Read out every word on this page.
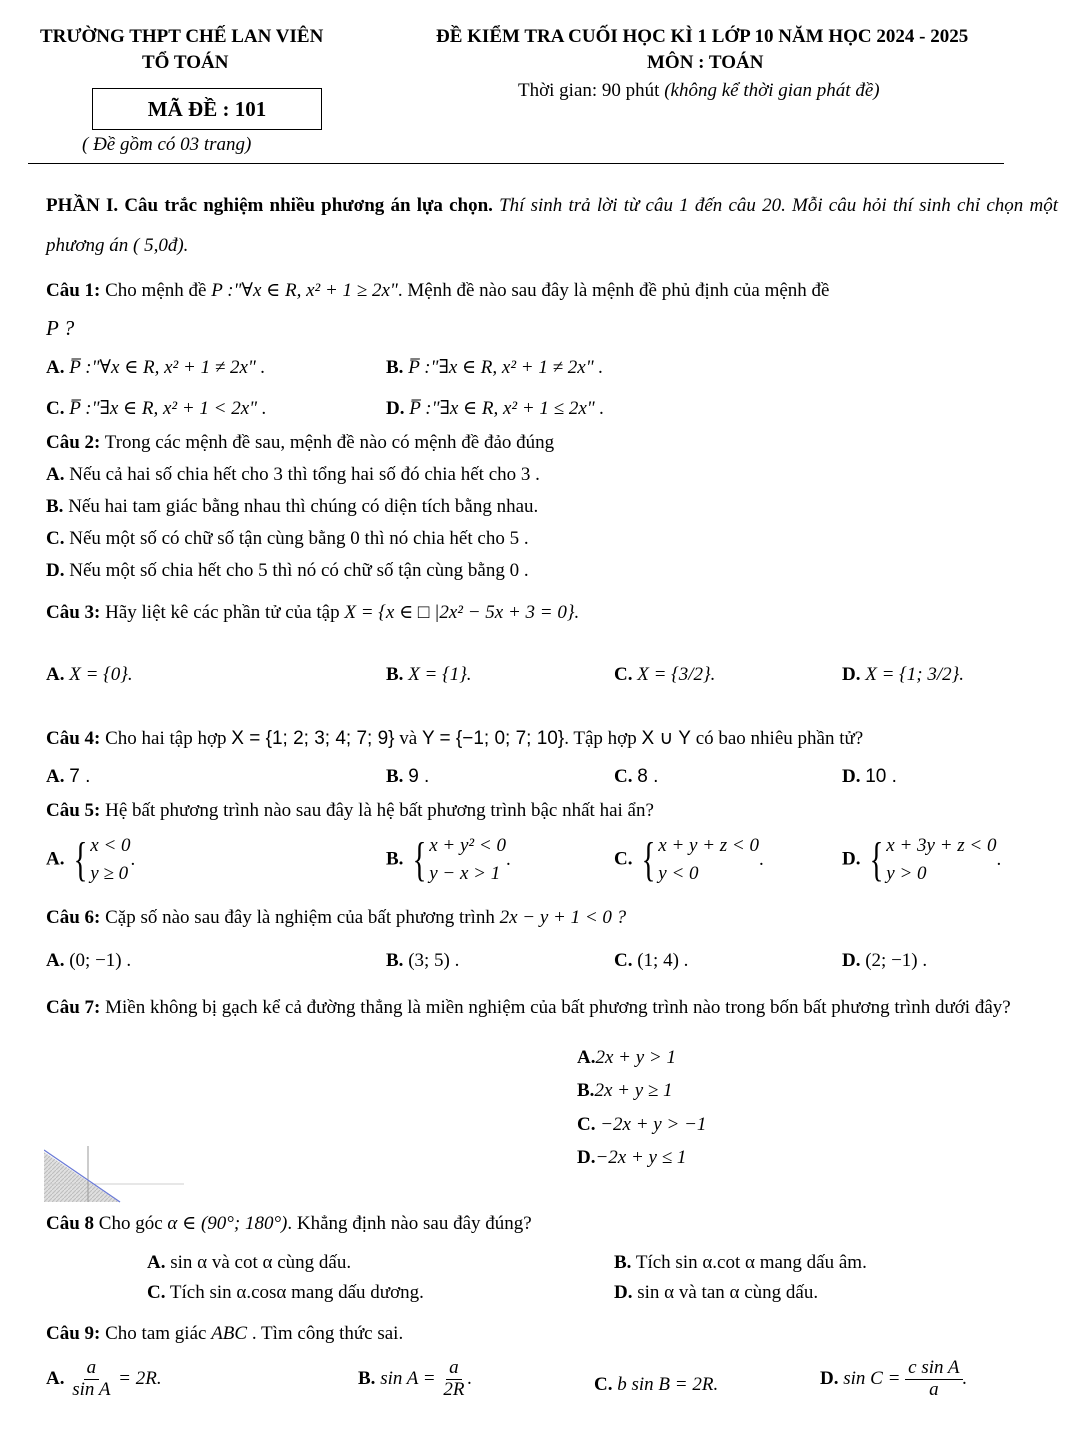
TRƯỜNG THPT CHẾ LAN VIÊN
TỔ TOÁN
ĐỀ KIỂM TRA CUỐI HỌC KÌ 1 LỚP 10 NĂM HỌC 2024 - 2025
MÔN : TOÁN
Thời gian: 90 phút (không kể thời gian phát đề)
MÃ ĐỀ : 101
( Đề gồm có 03 trang)
PHẦN I. Câu trắc nghiệm nhiều phương án lựa chọn. Thí sinh trả lời từ câu 1 đến câu 20. Mỗi câu hỏi thí sinh chỉ chọn một phương án ( 5,0đ).
Câu 1: Cho mệnh đề P :"∀x ∈ R, x² + 1 ≥ 2x". Mệnh đề nào sau đây là mệnh đề phủ định của mệnh đề
P ?
A. P̅ :"∀x ∈ R, x² + 1 ≠ 2x" .	B. P̅ :"∃x ∈ R, x² + 1 ≠ 2x" .
C. P̅ :"∃x ∈ R, x² + 1 < 2x" .	D. P̅ :"∃x ∈ R, x² + 1 ≤ 2x" .
Câu 2: Trong các mệnh đề sau, mệnh đề nào có mệnh đề đảo đúng
A. Nếu cả hai số chia hết cho 3 thì tổng hai số đó chia hết cho 3 .
B. Nếu hai tam giác bằng nhau thì chúng có diện tích bằng nhau.
C. Nếu một số có chữ số tận cùng bằng 0 thì nó chia hết cho 5 .
D. Nếu một số chia hết cho 5 thì nó có chữ số tận cùng bằng 0 .
Câu 3: Hãy liệt kê các phần tử của tập X = {x ∈ □ |2x² − 5x + 3 = 0}.
A. X = {0}.	B. X = {1}.	C. X = {3/2}.	D. X = {1; 3/2}.
Câu 4: Cho hai tập hợp X = {1; 2; 3; 4; 7; 9} và Y = {−1; 0; 7; 10}. Tập hợp X ∪ Y có bao nhiêu phần tử?
A. 7 .	B. 9 .	C. 8 .	D. 10 .
Câu 5: Hệ bất phương trình nào sau đây là hệ bất phương trình bậc nhất hai ẩn?
A. { x < 0
y ≥ 0
.	B. { x + y² < 0
y − x > 1
.	C. { x + y + z < 0
y < 0
.	D. { x + 3y + z < 0
y > 0
.
Câu 6: Cặp số nào sau đây là nghiệm của bất phương trình 2x − y + 1 < 0 ?
A. (0; −1) .	B. (3; 5) .	C. (1; 4) .	D. (2; −1) .
Câu 7: Miền không bị gạch kể cả đường thẳng là miền nghiệm của bất phương trình nào trong bốn bất phương trình dưới đây?
A.2x + y > 1
B.2x + y ≥ 1
C. −2x + y > −1
D.−2x + y ≤ 1
Câu 8 Cho góc α ∈ (90°; 180°). Khẳng định nào sau đây đúng?
A. sin α và cot α cùng dấu.	B. Tích sin α.cot α mang dấu âm.
C. Tích sin α.cosα mang dấu dương.	D. sin α và tan α cùng dấu.
Câu 9: Cho tam giác ABC . Tìm công thức sai.
A. $\frac{a}{\text{sin A}} = 2R$.	B. $\sin A = \frac{a}{2R}$ .	C. b sin B = 2R.	D. $\sin C = \frac{\text{c sin A}}{a}$ .
